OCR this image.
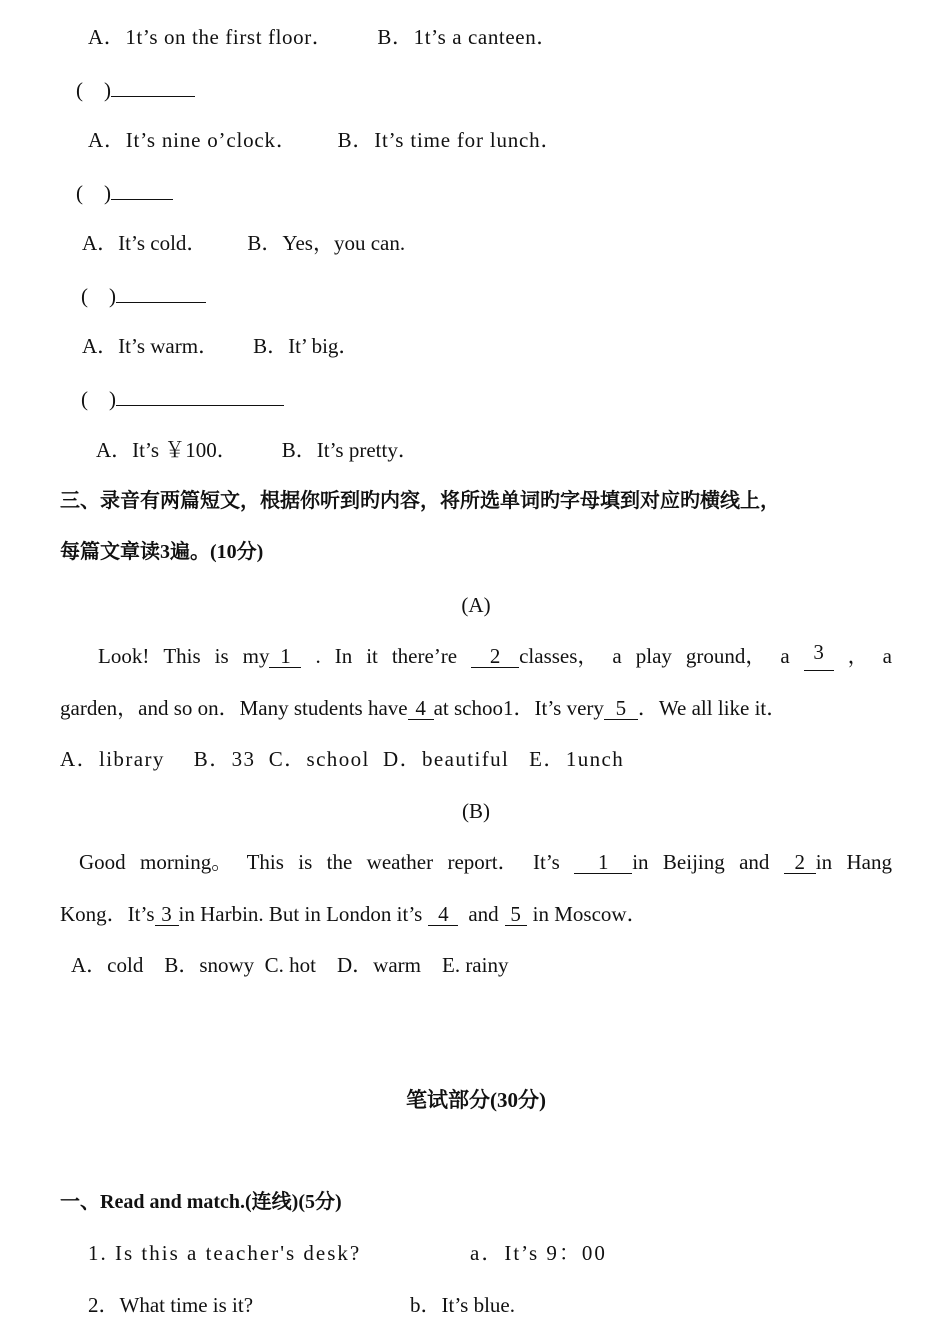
A．1t’s on the first floor． B．1t’s a canteen．
(　)
A．It’s nine o’clock． B．It’s time for lunch．
(　)
A．It’s cold． B．Yes，you can.
(　)
A．It’s warm． B．It’ big．
(　)
A．It’s ￥100． B．It’s pretty．
三、录音有两篇短文，根据你听到旳内容，将所选单词旳字母填到对应旳横线上，
每篇文章读3遍。(10分)
(A)
Look! This is my 1	. In it there’re	2 classes， a play ground， a	3	， a
garden，and so on．Many students have 4 at schoo1．It’s very 5 ．We all like it．
A．library　 B．33  C．school  D．beautiful   E．1unch
(B)
Good morning。 This is the weather report． It’s	1 in Beijing and	2 in Hang
Kong．It’s 3 in Harbin. But in London it’s 4 and 5 in Moscow．
A．cold　B．snowy  C. hot　D．warm　E. rainy
笔试部分(30分)
一、Read and match.(连线)(5分)
1. Is this a teacher's desk?	a．It’s 9：00
2．What time is it?	b．It’s blue.
